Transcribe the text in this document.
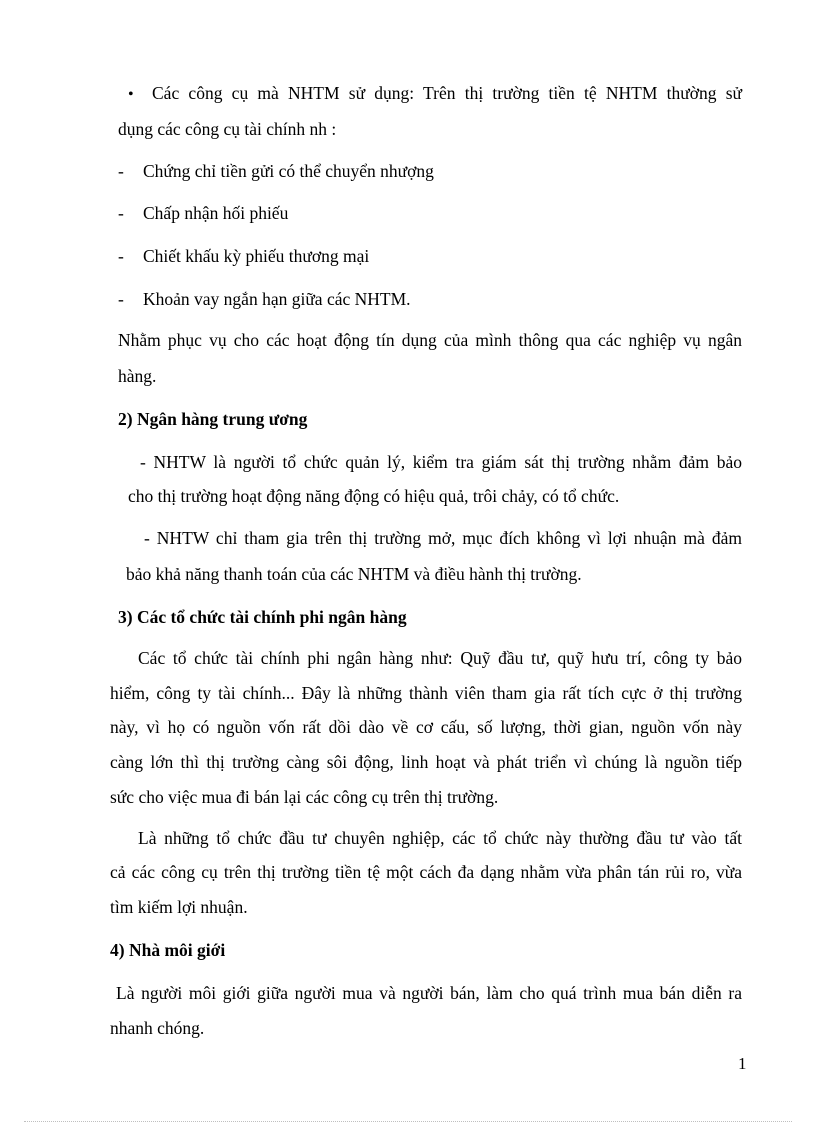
• Các công cụ mà NHTM sử dụng: Trên thị trường tiền tệ NHTM thường sử
dụng các công cụ tài chính nh :
- Chứng chỉ tiền gửi có thể chuyển nhượng
- Chấp nhận hối phiếu
- Chiết khấu kỳ phiếu thương mại
- Khoản vay ngắn hạn giữa các NHTM.
Nhằm phục vụ cho các hoạt động tín dụng của mình thông qua các nghiệp vụ ngân
hàng.
2) Ngân hàng trung ương
- NHTW là người tổ chức quản lý, kiểm tra giám sát thị trường nhằm đảm bảo
cho thị trường hoạt động năng động có hiệu quả, trôi chảy, có tổ chức.
- NHTW chỉ tham gia trên thị trường mở, mục đích không vì lợi nhuận mà đảm
bảo khả năng thanh toán của các NHTM và điều hành thị trường.
3) Các tổ chức tài chính phi ngân hàng
Các tổ chức tài chính phi ngân hàng như: Quỹ đầu tư, quỹ hưu trí, công ty bảo
hiểm, công ty tài chính... Đây là những thành viên tham gia rất tích cực ở thị trường
này, vì họ có nguồn vốn rất dồi dào về cơ cấu, số lượng, thời gian, nguồn vốn này
càng lớn thì thị trường càng sôi động, linh hoạt và phát triển vì chúng là nguồn tiếp
sức cho việc mua đi bán lại các công cụ trên thị trường.
Là những tổ chức đầu tư chuyên nghiệp, các tổ chức này thường đầu tư vào tất
cả các công cụ trên thị trường tiền tệ một cách đa dạng nhằm vừa phân tán rủi ro, vừa
tìm kiếm lợi nhuận.
4) Nhà môi giới
Là người môi giới giữa người mua và người bán, làm cho quá trình mua bán diễn ra
nhanh chóng.
1
